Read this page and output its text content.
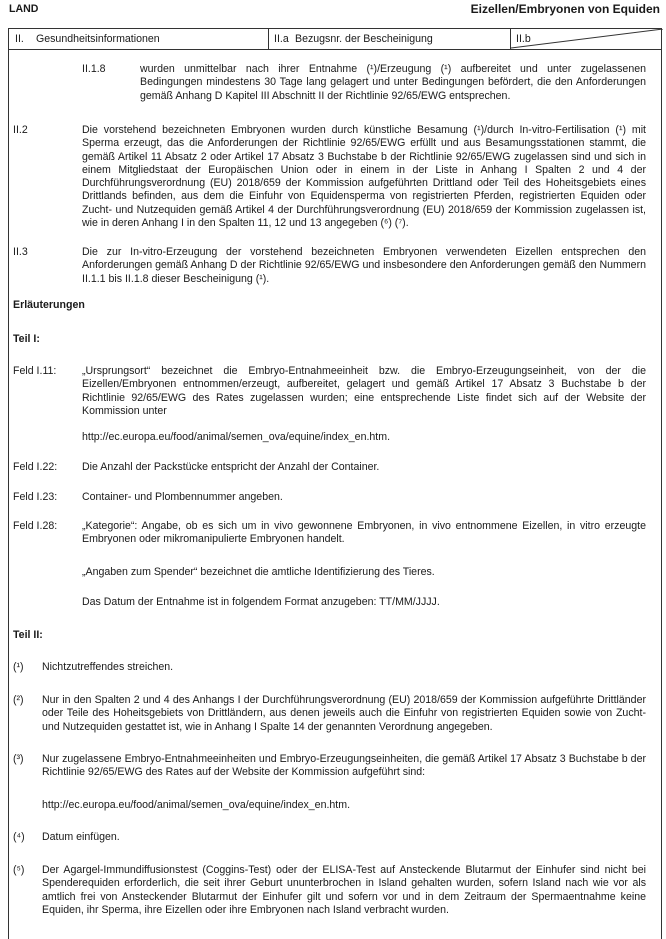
LAND	Eizellen/Embryonen von Equiden
II. Gesundheitsinformationen	II.a Bezugsnr. der Bescheinigung	II.b
II.1.8	wurden unmittelbar nach ihrer Entnahme (¹)/Erzeugung (¹) aufbereitet und unter zugelassenen Bedingungen mindestens 30 Tage lang gelagert und unter Bedingungen befördert, die den Anforderungen gemäß Anhang D Kapitel III Abschnitt II der Richtlinie 92/65/EWG entsprechen.
II.2	Die vorstehend bezeichneten Embryonen wurden durch künstliche Besamung (¹)/durch In-vitro-Fertilisation (¹) mit Sperma erzeugt, das die Anforderungen der Richtlinie 92/65/EWG erfüllt und aus Besamungsstationen stammt, die gemäß Artikel 11 Absatz 2 oder Artikel 17 Absatz 3 Buchstabe b der Richtlinie 92/65/EWG zugelassen sind und sich in einem Mitgliedstaat der Europäischen Union oder in einem in der Liste in Anhang I Spalten 2 und 4 der Durchführungsverordnung (EU) 2018/659 der Kommission aufgeführten Drittland oder Teil des Hoheitsgebiets eines Drittlands befinden, aus dem die Einfuhr von Equidensperma von registrierten Pferden, registrierten Equiden oder Zucht- und Nutzequiden gemäß Artikel 4 der Durchführungsverordnung (EU) 2018/659 der Kommission zugelassen ist, wie in deren Anhang I in den Spalten 11, 12 und 13 angegeben (⁶) (⁷).
II.3	Die zur In-vitro-Erzeugung der vorstehend bezeichneten Embryonen verwendeten Eizellen entsprechen den Anforderungen gemäß Anhang D der Richtlinie 92/65/EWG und insbesondere den Anforderungen gemäß den Nummern II.1.1 bis II.1.8 dieser Bescheinigung (¹).
Erläuterungen
Teil I:
Feld I.11: „Ursprungsort“ bezeichnet die Embryo-Entnahmeeinheit bzw. die Embryo-Erzeugungseinheit, von der die Eizellen/Embryonen entnommen/erzeugt, aufbereitet, gelagert und gemäß Artikel 17 Absatz 3 Buchstabe b der Richtlinie 92/65/EWG des Rates zugelassen wurden; eine entsprechende Liste findet sich auf der Website der Kommission unter
http://ec.europa.eu/food/animal/semen_ova/equine/index_en.htm.
Feld I.22: Die Anzahl der Packstücke entspricht der Anzahl der Container.
Feld I.23: Container- und Plombennummer angeben.
Feld I.28: „Kategorie“: Angabe, ob es sich um in vivo gewonnene Embryonen, in vivo entnommene Eizellen, in vitro erzeugte Embryonen oder mikromanipulierte Embryonen handelt.
„Angaben zum Spender“ bezeichnet die amtliche Identifizierung des Tieres.
Das Datum der Entnahme ist in folgendem Format anzugeben: TT/MM/JJJJ.
Teil II:
(¹) Nichtzutreffendes streichen.
(²) Nur in den Spalten 2 und 4 des Anhangs I der Durchführungsverordnung (EU) 2018/659 der Kommission aufgeführte Drittländer oder Teile des Hoheitsgebiets von Drittländern, aus denen jeweils auch die Einfuhr von registrierten Equiden sowie von Zucht- und Nutzequiden gestattet ist, wie in Anhang I Spalte 14 der genannten Verordnung angegeben.
(³) Nur zugelassene Embryo-Entnahmeeinheiten und Embryo-Erzeugungseinheiten, die gemäß Artikel 17 Absatz 3 Buchstabe b der Richtlinie 92/65/EWG des Rates auf der Website der Kommission aufgeführt sind:
http://ec.europa.eu/food/animal/semen_ova/equine/index_en.htm.
(⁴) Datum einfügen.
(⁵) Der Agargel-Immundiffusionstest (Coggins-Test) oder der ELISA-Test auf Ansteckende Blutarmut der Einhufer sind nicht bei Spenderequiden erforderlich, die seit ihrer Geburt ununterbrochen in Island gehalten wurden, sofern Island nach wie vor als amtlich frei von Ansteckender Blutarmut der Einhufer gilt und sofern vor und in dem Zeitraum der Spermaentnahme keine Equiden, ihr Sperma, ihre Eizellen oder ihre Embryonen nach Island verbracht wurden.
